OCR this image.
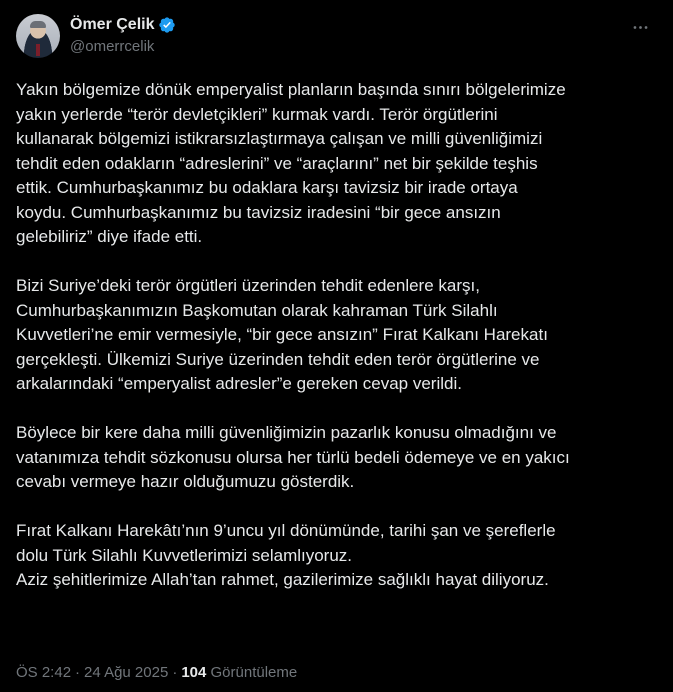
Ömer Çelik
@omerrcelik

Yakın bölgemize dönük emperyalist planların başında sınırı bölgelerimize
yakın yerlerde “terör devletçikleri” kurmak vardı. Terör örgütlerini
kullanarak bölgemizi istikrarsızlaştırmaya çalışan ve milli güvenliğimizi
tehdit eden odakların “adreslerini” ve “araçlarını” net bir şekilde teşhis
ettik. Cumhurbaşkanımız bu odaklara karşı tavizsiz bir irade ortaya
koydu. Cumhurbaşkanımız bu tavizsiz iradesini “bir gece ansızın
gelebiliriz” diye ifade etti.

Bizi Suriye’deki terör örgütleri üzerinden tehdit edenlere karşı,
Cumhurbaşkanımızın Başkomutan olarak kahraman Türk Silahlı
Kuvvetleri’ne emir vermesiyle, “bir gece ansızın” Fırat Kalkanı Harekatı
gerçekleşti. Ülkemizi Suriye üzerinden tehdit eden terör örgütlerine ve
arkalarındaki “emperyalist adresler”e gereken cevap verildi.

Böylece bir kere daha milli güvenliğimizin pazarlık konusu olmadığını ve
vatanımıza tehdit sözkonusu olursa her türlü bedeli ödemeye ve en yakıcı
cevabı vermeye hazır olduğumuzu gösterdik.

Fırat Kalkanı Harekâtı’nın 9’uncu yıl dönümünde, tarihi şan ve şereflerle
dolu Türk Silahlı Kuvvetlerimizi selamlıyoruz.
Aziz şehitlerimize Allah’tan rahmet, gazilerimize sağlıklı hayat diliyoruz.

ÖS 2:42 · 24 Ağu 2025 · 104 Görüntüleme
